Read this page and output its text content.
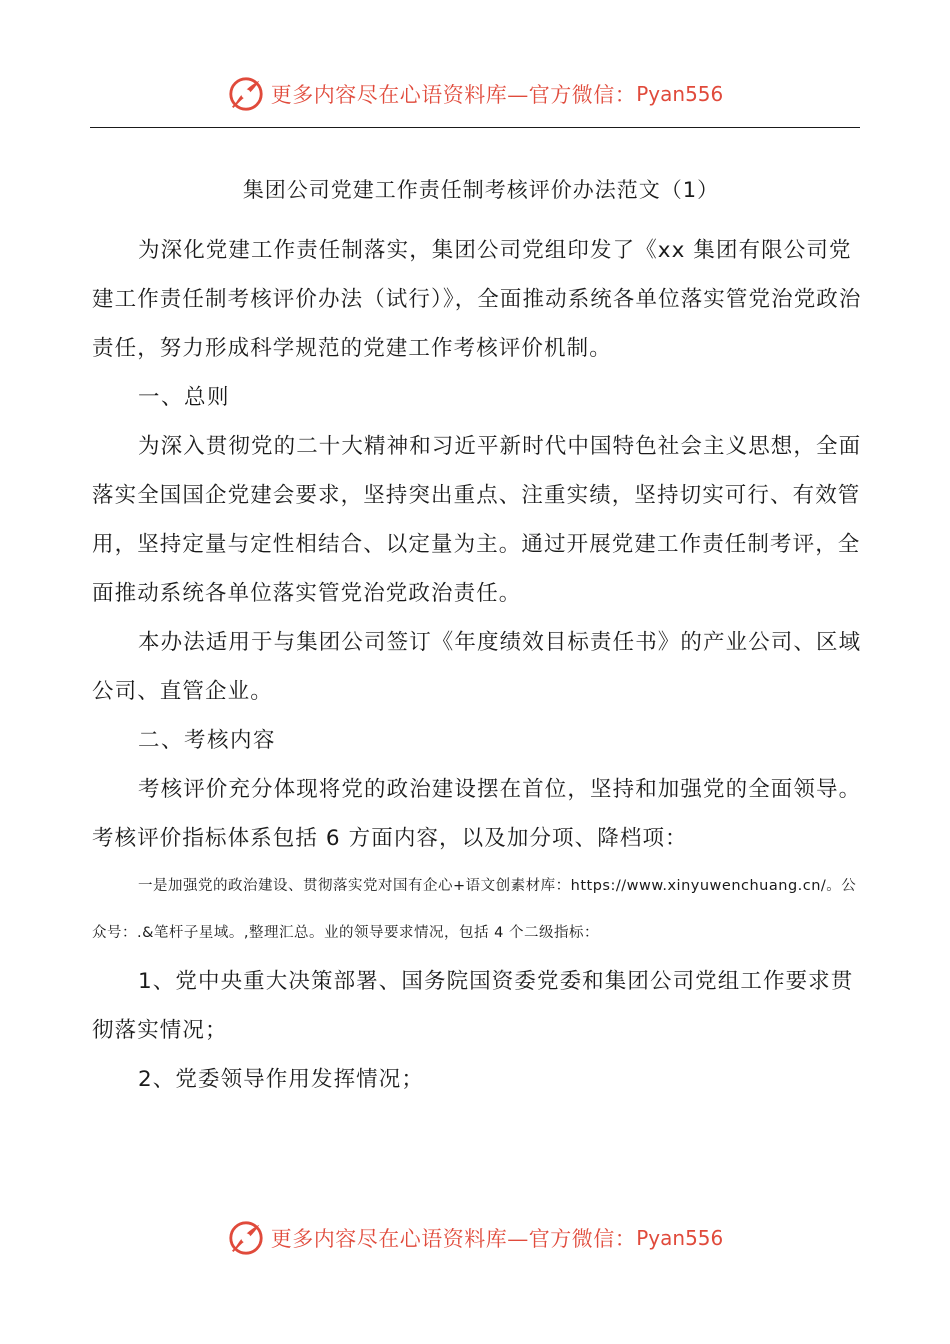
更多内容尽在心语资料库 —官方微信： Pyan556

集团公司党建工作责任制考核评价办法范文（1）

为深化党建工作责任制落实，集团公司党组印发了《xx 集团有限公司党建工作责任制考核评价办法（试行）》，全面推动系统各单位落实管党治党政治责任，努力形成科学规范的党建工作考核评价机制。

一、总则

为深入贯彻党的二十大精神和习近平新时代中国特色社会主义思想，全面落实全国国企党建会要求，坚持突出重点、注重实绩，坚持切实可行、有效管用，坚持定量与定性相结合、以定量为主。通过开展党建工作责任制考评，全面推动系统各单位落实管党治党政治责任。

本办法适用于与集团公司签订《年度绩效目标责任书》的产业公司、区域公司、直管企业。

二、考核内容

考核评价充分体现将党的政治建设摆在首位，坚持和加强党的全面领导。考核评价指标体系包括 6 方面内容，以及加分项、降档项：

一是加强党的政治建设、贯彻落实党对国有企心+语文创素材库：https://www.xinyuwenchuang.cn/。公众号：.&笔杆子星域。,整理汇总。业的领导要求情况，包括 4 个二级指标：

1、党中央重大决策部署、国务院国资委党委和集团公司党组工作要求贯彻落实情况；

2、党委领导作用发挥情况；

更多内容尽在心语资料库 —官方微信： Pyan556
